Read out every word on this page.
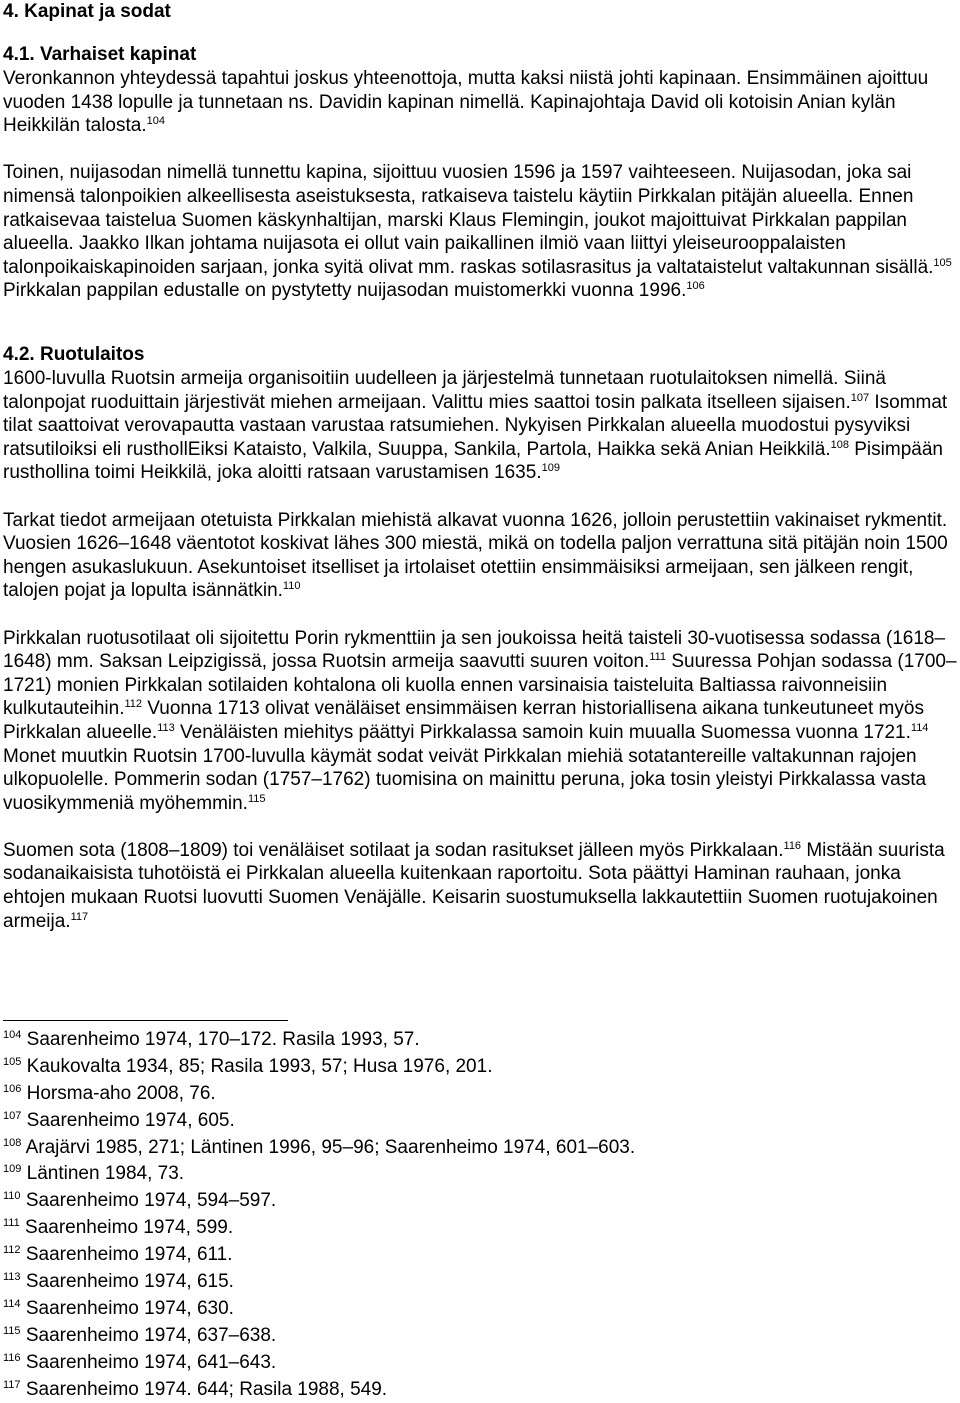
4. Kapinat ja sodat
4.1. Varhaiset kapinat

Veronkannon yhteydessä tapahtui joskus yhteenottoja, mutta kaksi niistä johti kapinaan. Ensimmäinen ajoittuu vuoden 1438 lopulle ja tunnetaan ns. Davidin kapinan nimellä. Kapinajohtaja David oli kotoisin Anian kylän Heikkilän talosta.$^{104}$

Toinen, nuijasodan nimellä tunnettu kapina, sijoittuu vuosien 1596 ja 1597 vaihteeseen. Nuijasodan, joka sai nimensä talonpoikien alkeellisesta aseistuksesta, ratkaiseva taistelu käytiin Pirkkalan pitäjän alueella. Ennen ratkaisevaa taistelua Suomen käskynhaltijan, marski Klaus Flemingin, joukot majoittuivat Pirkkalan pappilan alueella. Jaakko Ilkan johtama nuijasota ei ollut vain paikallinen ilmiö vaan liittyi yleiseurooppalaisten talonpoikaiskapinoiden sarjaan, jonka syitä olivat mm. raskas sotilasrasitus ja valtataistelut valtakunnan sisällä.$^{105}$ Pirkkalan pappilan edustalle on pystytetty nuijasodan muistomerkki vuonna 1996.$^{106}$

4.2. Ruotulaitos

1600-luvulla Ruotsin armeija organisoitiin uudelleen ja järjestelmä tunnetaan ruotulaitoksen nimellä. Siinä talonpojat ruoduittain järjestivät miehen armeijaan. Valittu mies saattoi tosin palkata itselleen sijaisen.$^{107}$ Isommat tilat saattoivat verovapautta vastaan varustaa ratsumiehen. Nykyisen Pirkkalan alueella muodostui pysyviksi ratsutiloiksi eli rusthollEiksi Kataisto, Valkila, Suuppa, Sankila, Partola, Haikka sekä Anian Heikkilä.$^{108}$ Pisimpään rusthollina toimi Heikkilä, joka aloitti ratsaan varustamisen 1635.$^{109}$

Tarkat tiedot armeijaan otetuista Pirkkalan miehistä alkavat vuonna 1626, jolloin perustettiin vakinaiset rykmentit. Vuosien 1626–1648 väentotot koskivat lähes 300 miestä, mikä on todella paljon verrattuna sitä pitäjän noin 1500 hengen asukaslukuun. Asekuntoiset itselliset ja irtolaiset otettiin ensimmäisiksi armeijaan, sen jälkeen rengit, talojen pojat ja lopulta isännätkin.$^{110}$

Pirkkalan ruotusotilaat oli sijoitettu Porin rykmenttiin ja sen joukoissa heitä taisteli 30-vuotisessa sodassa (1618–1648) mm. Saksan Leipzigissä, jossa Ruotsin armeija saavutti suuren voiton.$^{111}$ Suuressa Pohjan sodassa (1700–1721) monien Pirkkalan sotilaiden kohtalona oli kuolla ennen varsinaisia taisteluita Baltiassa raivonneisiin kulkutauteihin.$^{112}$ Vuonna 1713 olivat venäläiset ensimmäisen kerran historiallisena aikana tunkeutuneet myös Pirkkalan alueelle.$^{113}$ Venäläisten miehitys päättyi Pirkkalassa samoin kuin muualla Suomessa vuonna 1721.$^{114}$ Monet muutkin Ruotsin 1700-luvulla käymät sodat veivät Pirkkalan miehiä sotatantereille valtakunnan rajojen ulkopuolelle. Pommerin sodan (1757–1762) tuomisina on mainittu peruna, joka tosin yleistyi Pirkkalassa vasta vuosikymmeniä myöhemmin.$^{115}$

Suomen sota (1808–1809) toi venäläiset sotilaat ja sodan rasitukset jälleen myös Pirkkalaan.$^{116}$ Mistään suurista sodanaikaisista tuhotöistä ei Pirkkalan alueella kuitenkaan raportoitu. Sota päättyi Haminan rauhaan, jonka ehtojen mukaan Ruotsi luovutti Suomen Venäjälle. Keisarin suostumuksella lakkautettiin Suomen ruotujakoinen armeija.$^{117}$

$^{104}$ Saarenheimo 1974, 170–172. Rasila 1993, 57.
$^{105}$ Kaukovalta 1934, 85; Rasila 1993, 57; Husa 1976, 201.
$^{106}$ Horsma-aho 2008, 76.
$^{107}$ Saarenheimo 1974, 605.
$^{108}$ Arajärvi 1985, 271; Läntinen 1996, 95–96; Saarenheimo 1974, 601–603.
$^{109}$ Läntinen 1984, 73.
$^{110}$ Saarenheimo 1974, 594–597.
$^{111}$ Saarenheimo 1974, 599.
$^{112}$ Saarenheimo 1974, 611.
$^{113}$ Saarenheimo 1974, 615.
$^{114}$ Saarenheimo 1974, 630.
$^{115}$ Saarenheimo 1974, 637–638.
$^{116}$ Saarenheimo 1974, 641–643.
$^{117}$ Saarenheimo 1974. 644; Rasila 1988, 549.
